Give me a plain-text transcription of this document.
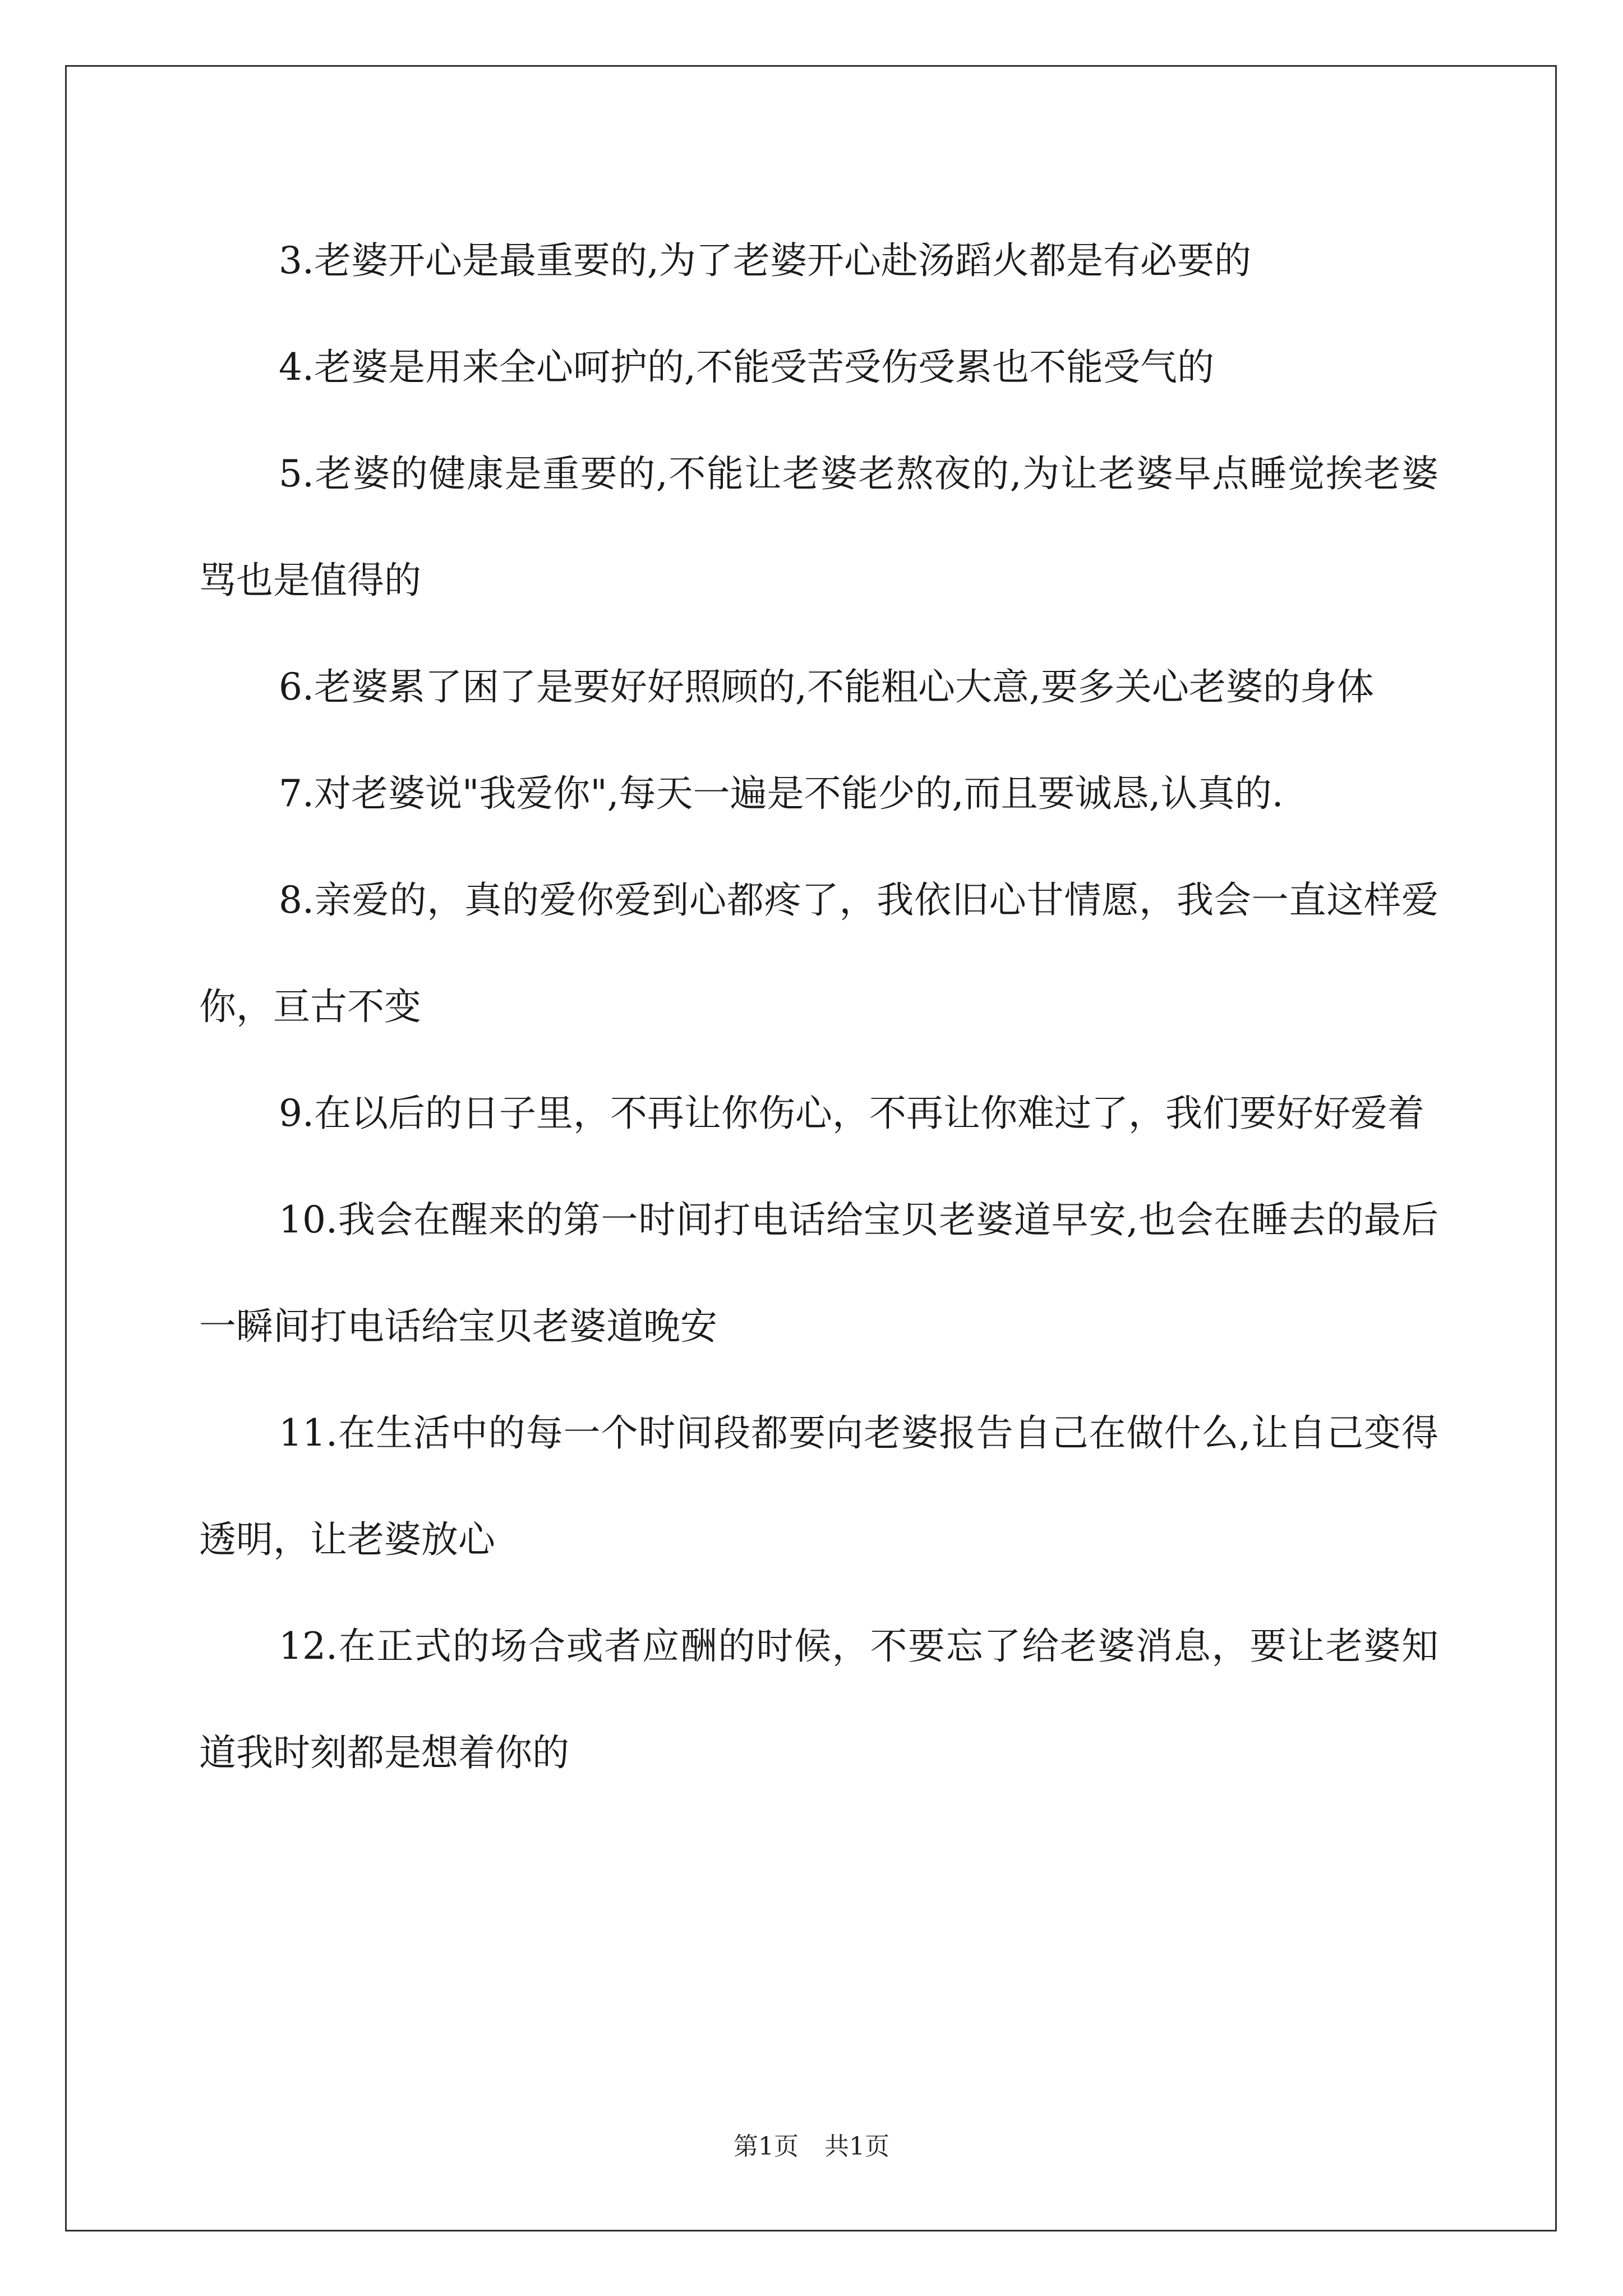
3.老婆开心是最重要的,为了老婆开心赴汤蹈火都是有必要的

4.老婆是用来全心呵护的,不能受苦受伤受累也不能受气的

5.老婆的健康是重要的,不能让老婆老熬夜的,为让老婆早点睡觉挨老婆骂也是值得的

6.老婆累了困了是要好好照顾的,不能粗心大意,要多关心老婆的身体

7.对老婆说"我爱你",每天一遍是不能少的,而且要诚恳,认真的.

8.亲爱的，真的爱你爱到心都疼了，我依旧心甘情愿，我会一直这样爱你，亘古不变

9.在以后的日子里，不再让你伤心，不再让你难过了，我们要好好爱着

10.我会在醒来的第一时间打电话给宝贝老婆道早安,也会在睡去的最后一瞬间打电话给宝贝老婆道晚安

11.在生活中的每一个时间段都要向老婆报告自己在做什么,让自己变得透明，让老婆放心

12.在正式的场合或者应酬的时候，不要忘了给老婆消息，要让老婆知道我时刻都是想着你的

第1页 共1页
